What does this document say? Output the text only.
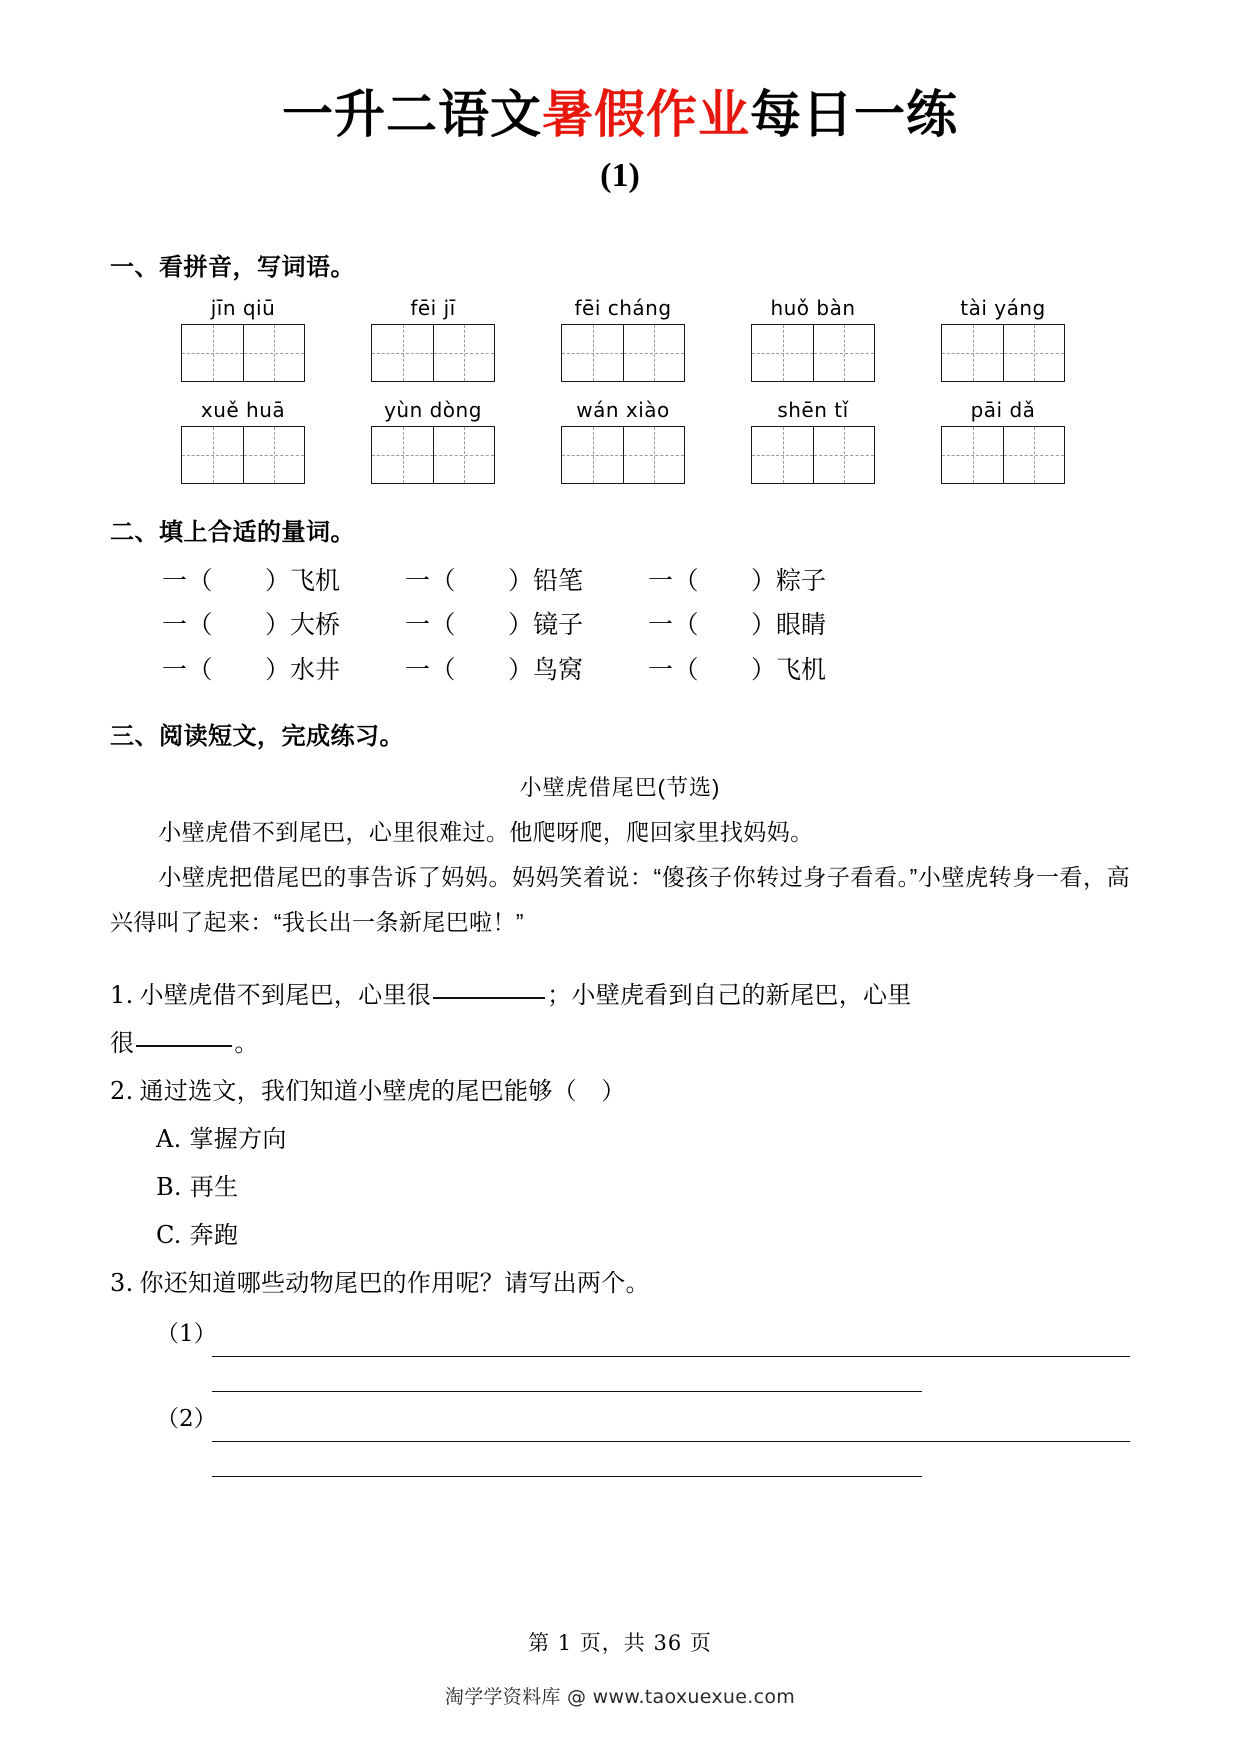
一升二语文暑假作业每日一练
(1)
一、看拼音，写词语。
jīn qiū	fēi jī	fēi cháng	huǒ bàn	tài yáng
xuě huā	yùn dòng	wán xiào	shēn tǐ	pāi dǎ
二、填上合适的量词。
一（ ）飞机	一（ ）铅笔	一（ ）粽子
一（ ）大桥	一（ ）镜子	一（ ）眼睛
一（ ）水井	一（ ）鸟窝	一（ ）飞机
三、阅读短文，完成练习。
小壁虎借尾巴(节选)
小壁虎借不到尾巴，心里很难过。他爬呀爬，爬回家里找妈妈。
小壁虎把借尾巴的事告诉了妈妈。妈妈笑着说：“傻孩子你转过身子看看。”小壁虎转身一看，高兴得叫了起来：“我长出一条新尾巴啦！”
1. 小壁虎借不到尾巴，心里很	；小壁虎看到自己的新尾巴，心里
很	。
2. 通过选文，我们知道小壁虎的尾巴能够（　）
A. 掌握方向
B. 再生
C. 奔跑
3. 你还知道哪些动物尾巴的作用呢？请写出两个。
（1）
（2）
第 1 页，共 36 页
淘学学资料库 @ www.taoxuexue.com
